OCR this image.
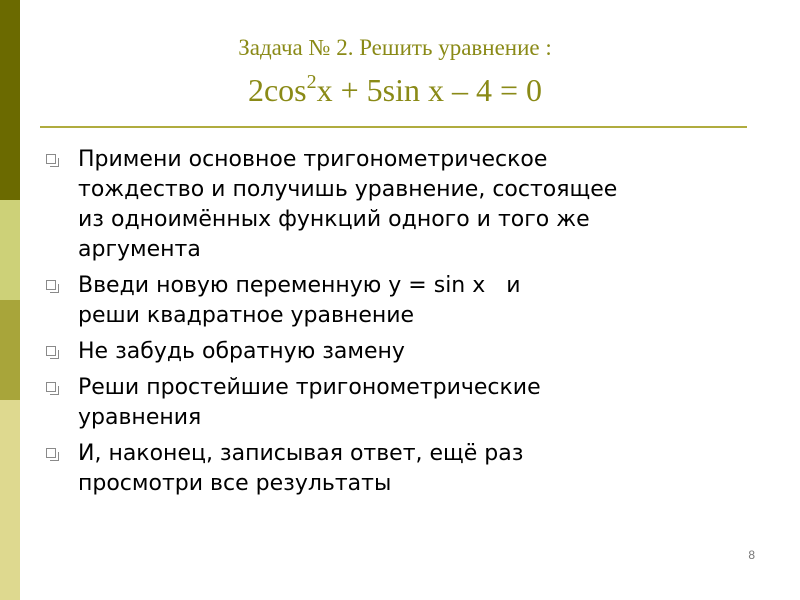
Задача № 2. Решить уравнение :
$2\cos^2x + 5\sin$ x – 4 = 0
Примени основное тригонометрическое
тождество и получишь уравнение, состоящее
из одноимённых функций одного и того же
аргумента
Введи новую переменную y = sin x   и
реши квадратное уравнение
Не забудь обратную замену
Реши простейшие тригонометрические
уравнения
И, наконец, записывая ответ, ещё раз
просмотри все результаты
8
